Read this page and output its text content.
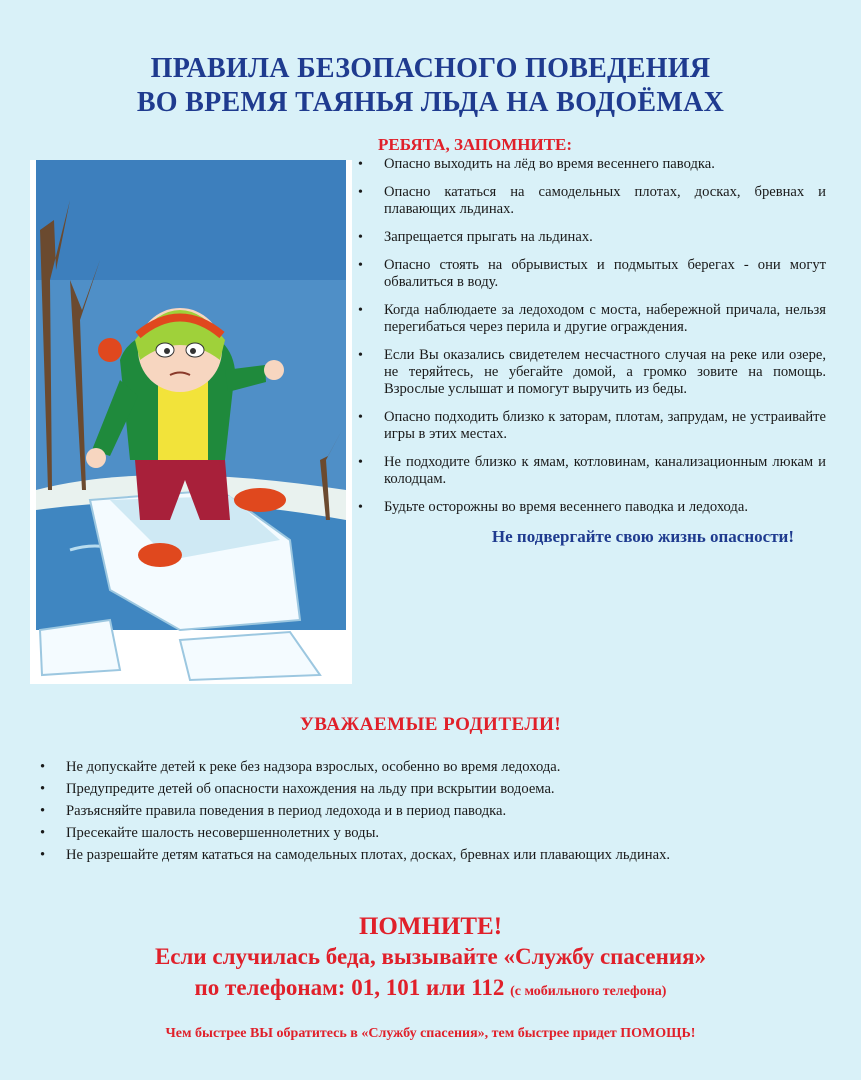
ПРАВИЛА БЕЗОПАСНОГО ПОВЕДЕНИЯ
ВО ВРЕМЯ ТАЯНЬЯ ЛЬДА НА ВОДОЁМАХ
РЕБЯТА, ЗАПОМНИТЕ:
• Опасно выходить на лёд во время весеннего паводка.
• Опасно кататься на самодельных плотах, досках, бревнах и плавающих льдинах.
• Запрещается прыгать на льдинах.
• Опасно стоять на обрывистых и подмытых берегах - они могут обвалиться в воду.
• Когда наблюдаете за ледоходом с моста, набережной причала, нельзя перегибаться через перила и другие ограждения.
• Если Вы оказались свидетелем несчастного случая на реке или озере, не теряйтесь, не убегайте домой, а громко зовите на помощь. Взрослые услышат и помогут выручить из беды.
• Опасно подходить близко к заторам, плотам, запрудам, не устраивайте игры в этих местах.
• Не подходите близко к ямам, котловинам, канализационным люкам и колодцам.
• Будьте осторожны во время весеннего паводка и ледохода.
Не подвергайте свою жизнь опасности!
УВАЖАЕМЫЕ РОДИТЕЛИ!
• Не допускайте детей к реке без надзора взрослых, особенно во время ледохода.
• Предупредите детей об опасности нахождения на льду при вскрытии водоема.
• Разъясняйте правила поведения в период ледохода и в период паводка.
• Пресекайте шалость несовершеннолетних у воды.
• Не разрешайте детям кататься на самодельных плотах, досках, бревнах или плавающих льдинах.
ПОМНИТЕ!
Если случилась беда, вызывайте «Службу спасения»
по телефонам: 01, 101 или 112 (с мобильного телефона)
Чем быстрее ВЫ обратитесь в «Службу спасения», тем быстрее придет ПОМОЩЬ!
